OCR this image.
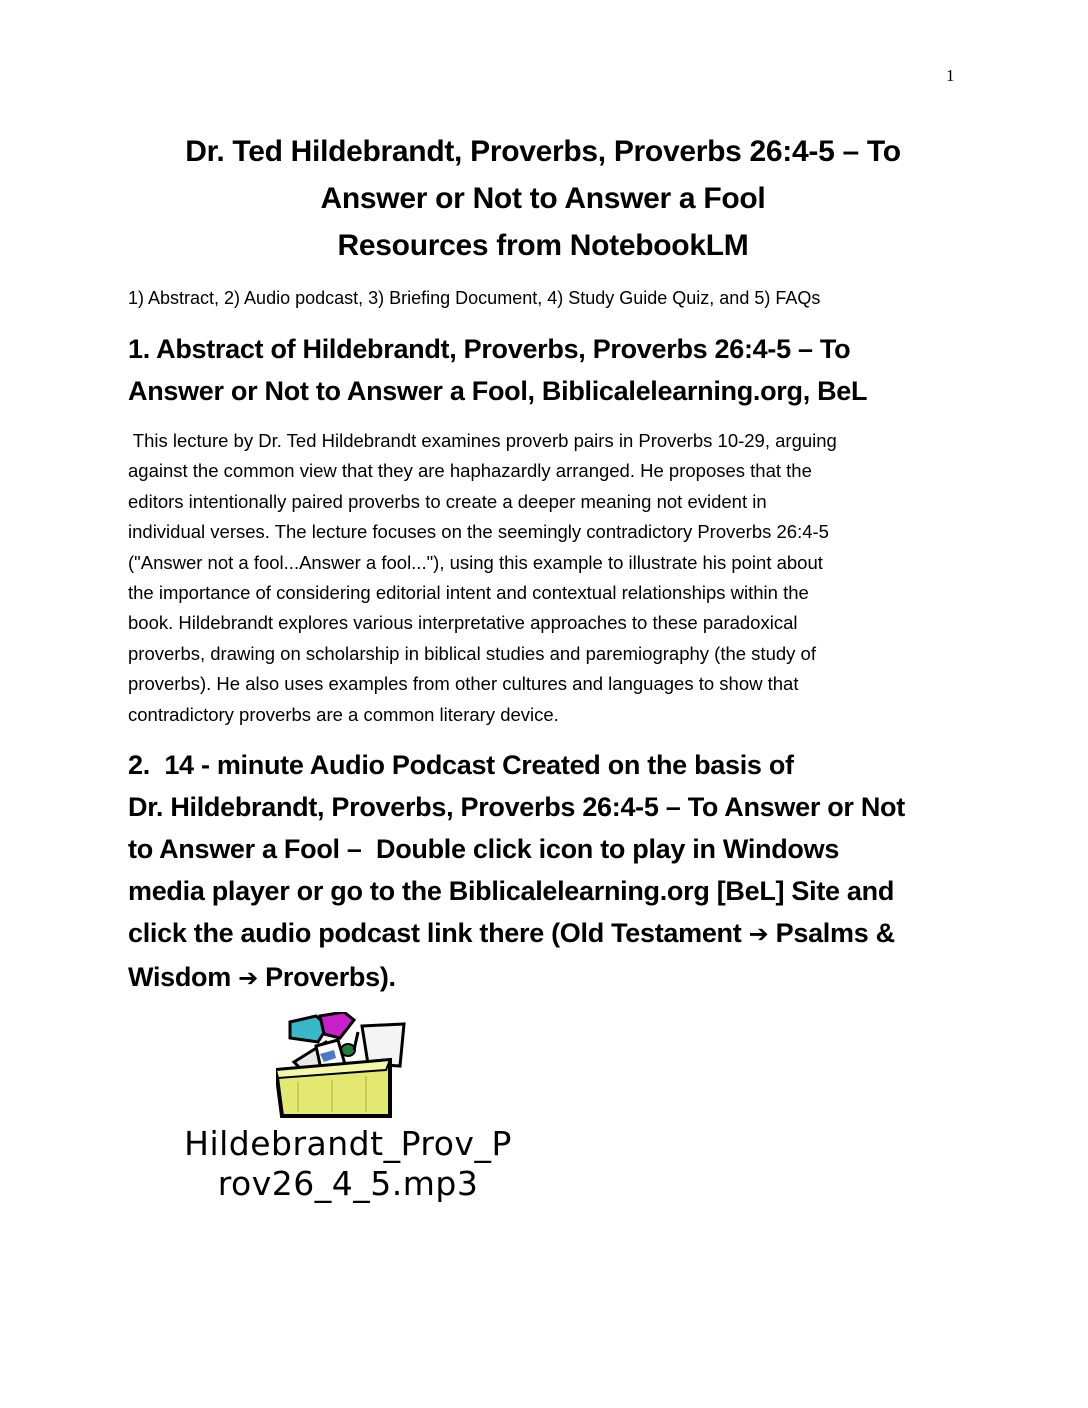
1
Dr. Ted Hildebrandt, Proverbs, Proverbs 26:4-5 – To
Answer or Not to Answer a Fool
Resources from NotebookLM
1) Abstract, 2) Audio podcast, 3) Briefing Document, 4) Study Guide Quiz, and 5) FAQs
1. Abstract of Hildebrandt, Proverbs, Proverbs 26:4-5 – To
Answer or Not to Answer a Fool, Biblicalelearning.org, BeL
This lecture by Dr. Ted Hildebrandt examines proverb pairs in Proverbs 10-29, arguing
against the common view that they are haphazardly arranged. He proposes that the
editors intentionally paired proverbs to create a deeper meaning not evident in
individual verses. The lecture focuses on the seemingly contradictory Proverbs 26:4-5
("Answer not a fool...Answer a fool..."), using this example to illustrate his point about
the importance of considering editorial intent and contextual relationships within the
book. Hildebrandt explores various interpretative approaches to these paradoxical
proverbs, drawing on scholarship in biblical studies and paremiography (the study of
proverbs). He also uses examples from other cultures and languages to show that
contradictory proverbs are a common literary device.
2.  14 - minute Audio Podcast Created on the basis of
Dr. Hildebrandt, Proverbs, Proverbs 26:4-5 – To Answer or Not
to Answer a Fool –  Double click icon to play in Windows
media player or go to the Biblicalelearning.org [BeL] Site and
click the audio podcast link there (Old Testament ➔ Psalms &
Wisdom ➔ Proverbs).
Hildebrandt_Prov_P
rov26_4_5.mp3
